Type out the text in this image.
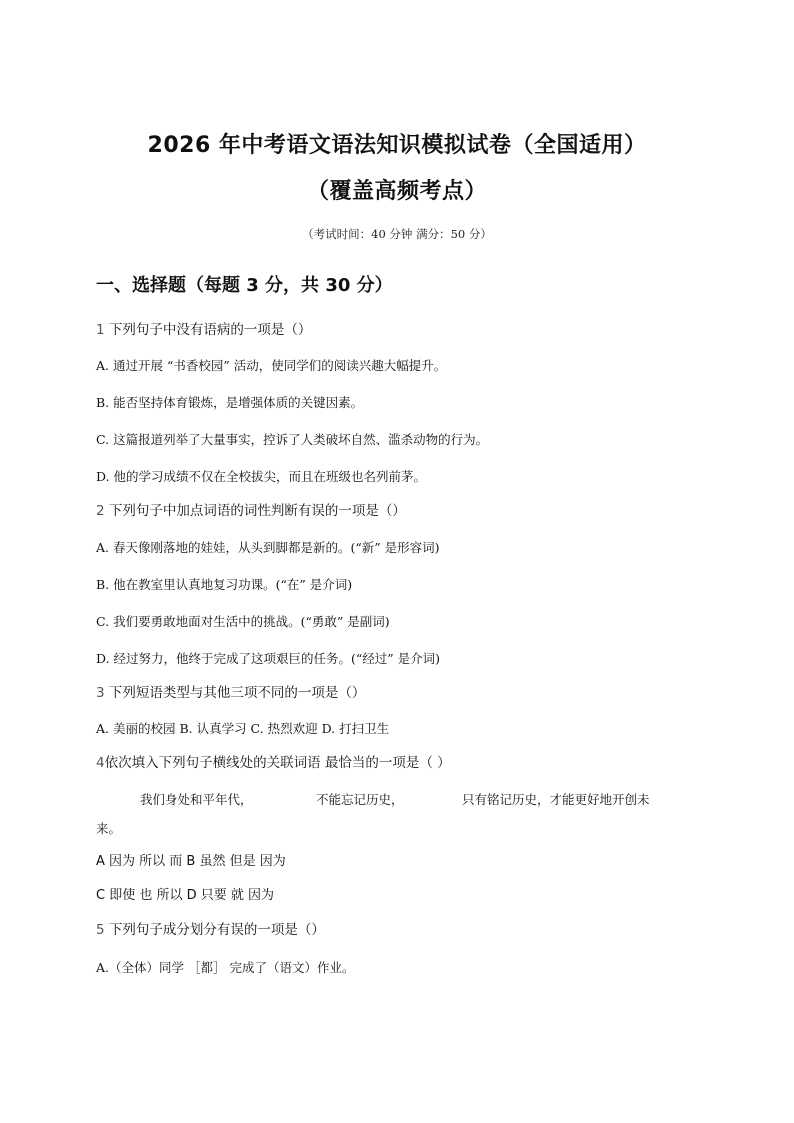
2026 年中考语文语法知识模拟试卷（全国适用）
（覆盖高频考点）
（考试时间：40 分钟 满分：50 分）
一、选择题（每题 3 分，共 30 分）
1 下列句子中没有语病的一项是（）
A. 通过开展 “书香校园” 活动，使同学们的阅读兴趣大幅提升。
B. 能否坚持体育锻炼，是增强体质的关键因素。
C. 这篇报道列举了大量事实，控诉了人类破坏自然、滥杀动物的行为。
D. 他的学习成绩不仅在全校拔尖，而且在班级也名列前茅。
2 下列句子中加点词语的词性判断有误的一项是（）
A. 春天像刚落地的娃娃，从头到脚都是新的。(“新” 是形容词)
B. 他在教室里认真地复习功课。(“在” 是介词)
C. 我们要勇敢地面对生活中的挑战。(“勇敢” 是副词)
D. 经过努力，他终于完成了这项艰巨的任务。(“经过” 是介词)
3 下列短语类型与其他三项不同的一项是（）
A. 美丽的校园 B. 认真学习 C. 热烈欢迎 D. 打扫卫生
4依次填入下列句子横线处的关联词语 最恰当的一项是（ ）
我们身处和平年代，	不能忘记历史，	只有铭记历史，才能更好地开创未
来。
A 因为 所以 而 B 虽然 但是 因为
C 即使 也 所以 D 只要 就 因为
5 下列句子成分划分有误的一项是（）
A.（全体）同学 ［都］ 完成了（语文）作业。
